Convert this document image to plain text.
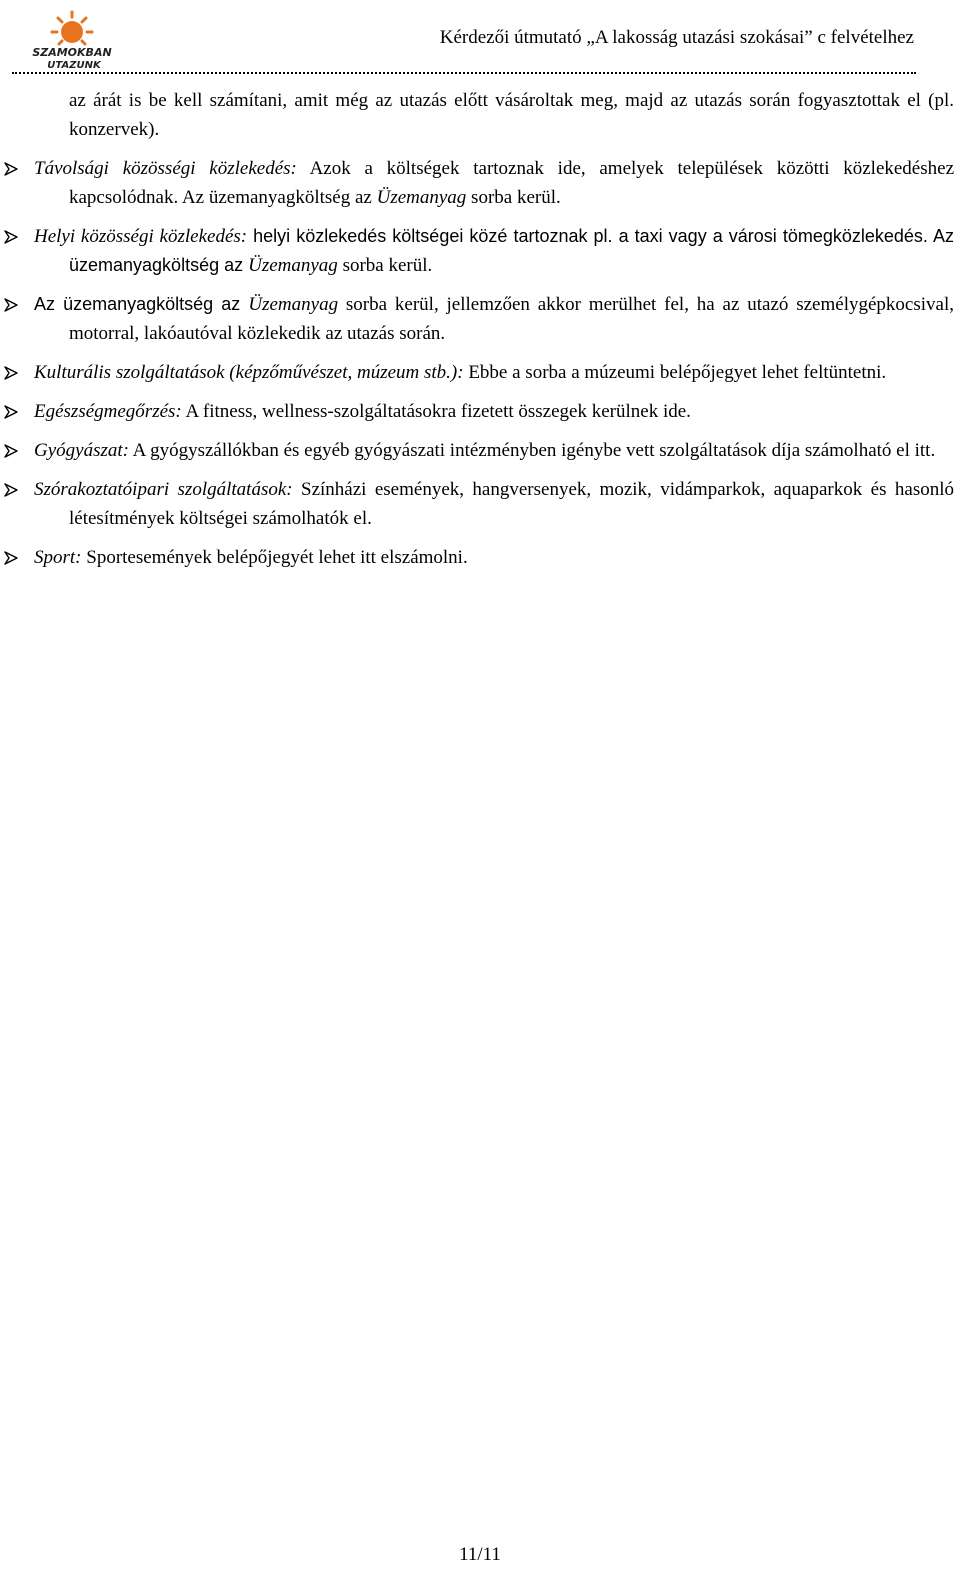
SZAMOKBAN
UTAZUNK
Kérdezői útmutató „A lakosság utazási szokásai” c felvételhez

az árát is be kell számítani, amit még az utazás előtt vásároltak meg, majd az utazás során fogyasztottak el (pl. konzervek).

Távolsági közösségi közlekedés: Azok a költségek tartoznak ide, amelyek települések közötti közlekedéshez kapcsolódnak. Az üzemanyagköltség az Üzemanyag sorba kerül.
Helyi közösségi közlekedés: helyi közlekedés költségei közé tartoznak pl. a taxi vagy a városi tömegközlekedés. Az üzemanyagköltség az Üzemanyag sorba kerül.
Az üzemanyagköltség az Üzemanyag sorba kerül, jellemzően akkor merülhet fel, ha az utazó személygépkocsival, motorral, lakóautóval közlekedik az utazás során.
Kulturális szolgáltatások (képzőművészet, múzeum stb.): Ebbe a sorba a múzeumi belépőjegyet lehet feltüntetni.
Egészségmegőrzés: A fitness, wellness-szolgáltatásokra fizetett összegek kerülnek ide.
Gyógyászat: A gyógyszállókban és egyéb gyógyászati intézményben igénybe vett szolgáltatások díja számolható el itt.
Szórakoztatóipari szolgáltatások: Színházi események, hangversenyek, mozik, vidámparkok, aquaparkok és hasonló létesítmények költségei számolhatók el.
Sport: Sportesemények belépőjegyét lehet itt elszámolni.
11/11
